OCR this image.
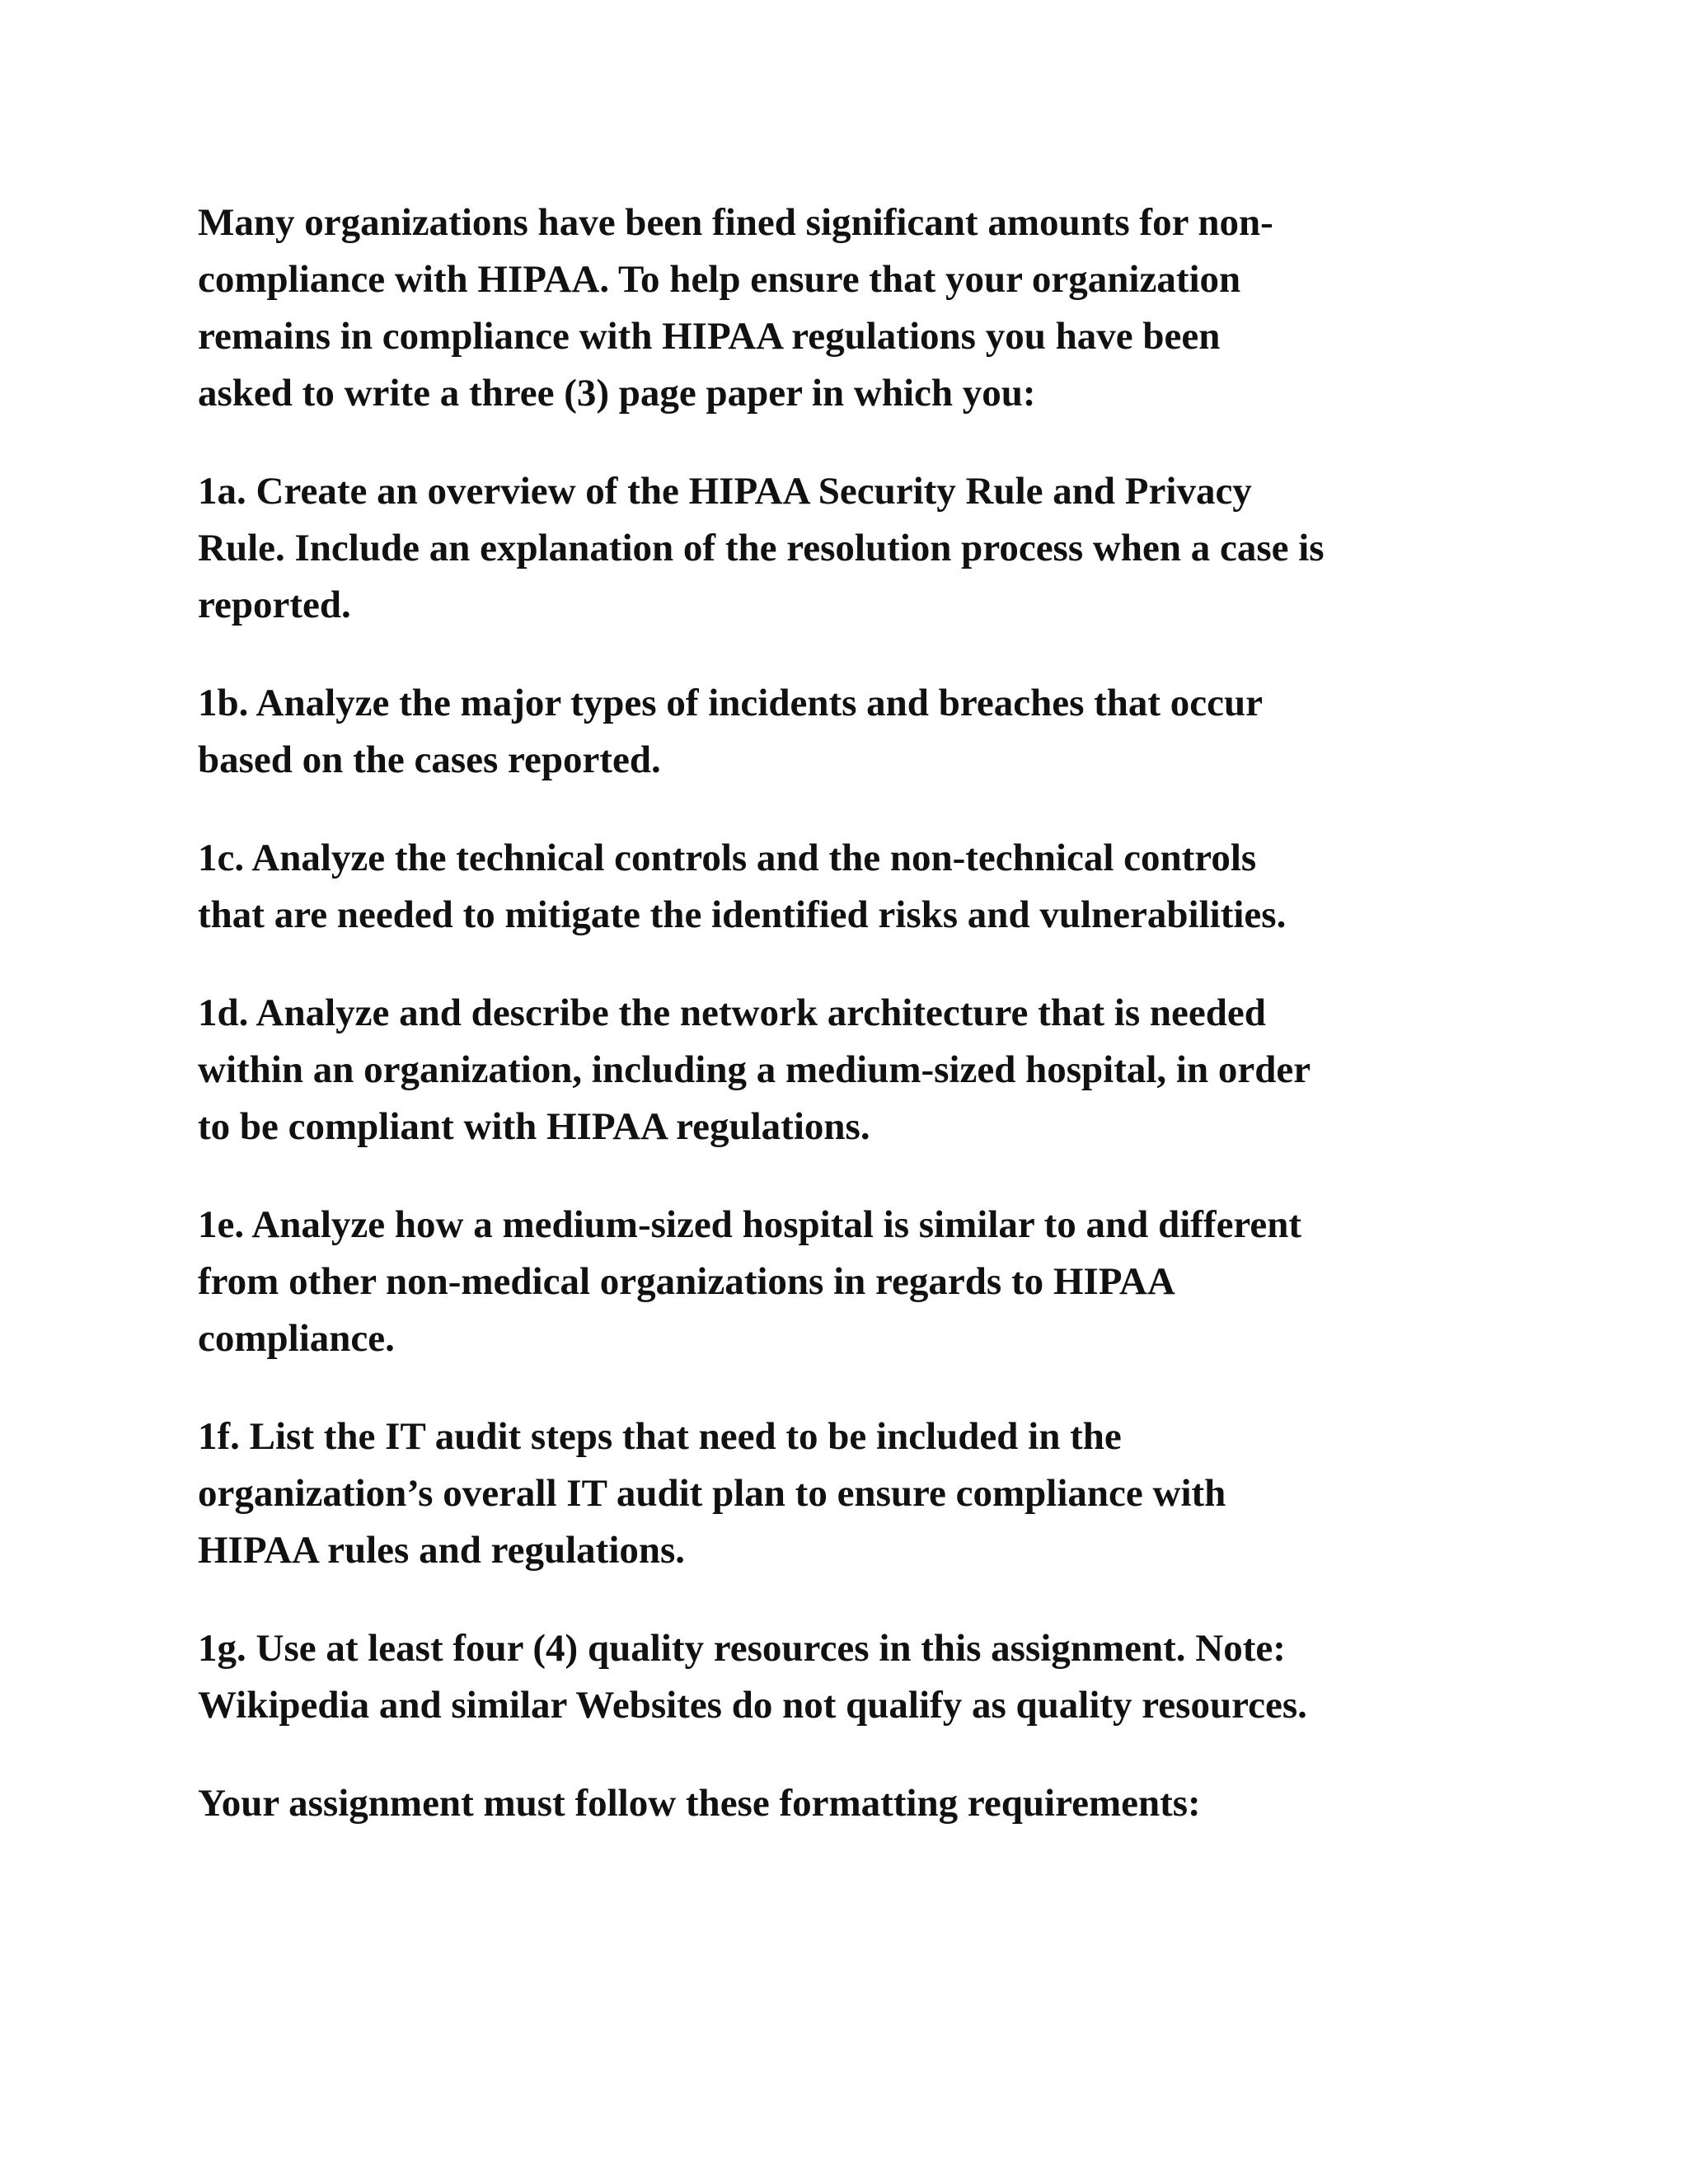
Many organizations have been fined significant amounts for non-
compliance with HIPAA. To help ensure that your organization
remains in compliance with HIPAA regulations you have been
asked to write a three (3) page paper in which you:

1a. Create an overview of the HIPAA Security Rule and Privacy
Rule. Include an explanation of the resolution process when a case is
reported.

1b. Analyze the major types of incidents and breaches that occur
based on the cases reported.

1c. Analyze the technical controls and the non-technical controls
that are needed to mitigate the identified risks and vulnerabilities.

1d. Analyze and describe the network architecture that is needed
within an organization, including a medium-sized hospital, in order
to be compliant with HIPAA regulations.

1e. Analyze how a medium-sized hospital is similar to and different
from other non-medical organizations in regards to HIPAA
compliance.

1f. List the IT audit steps that need to be included in the
organization’s overall IT audit plan to ensure compliance with
HIPAA rules and regulations.

1g. Use at least four (4) quality resources in this assignment. Note:
Wikipedia and similar Websites do not qualify as quality resources.

Your assignment must follow these formatting requirements:
